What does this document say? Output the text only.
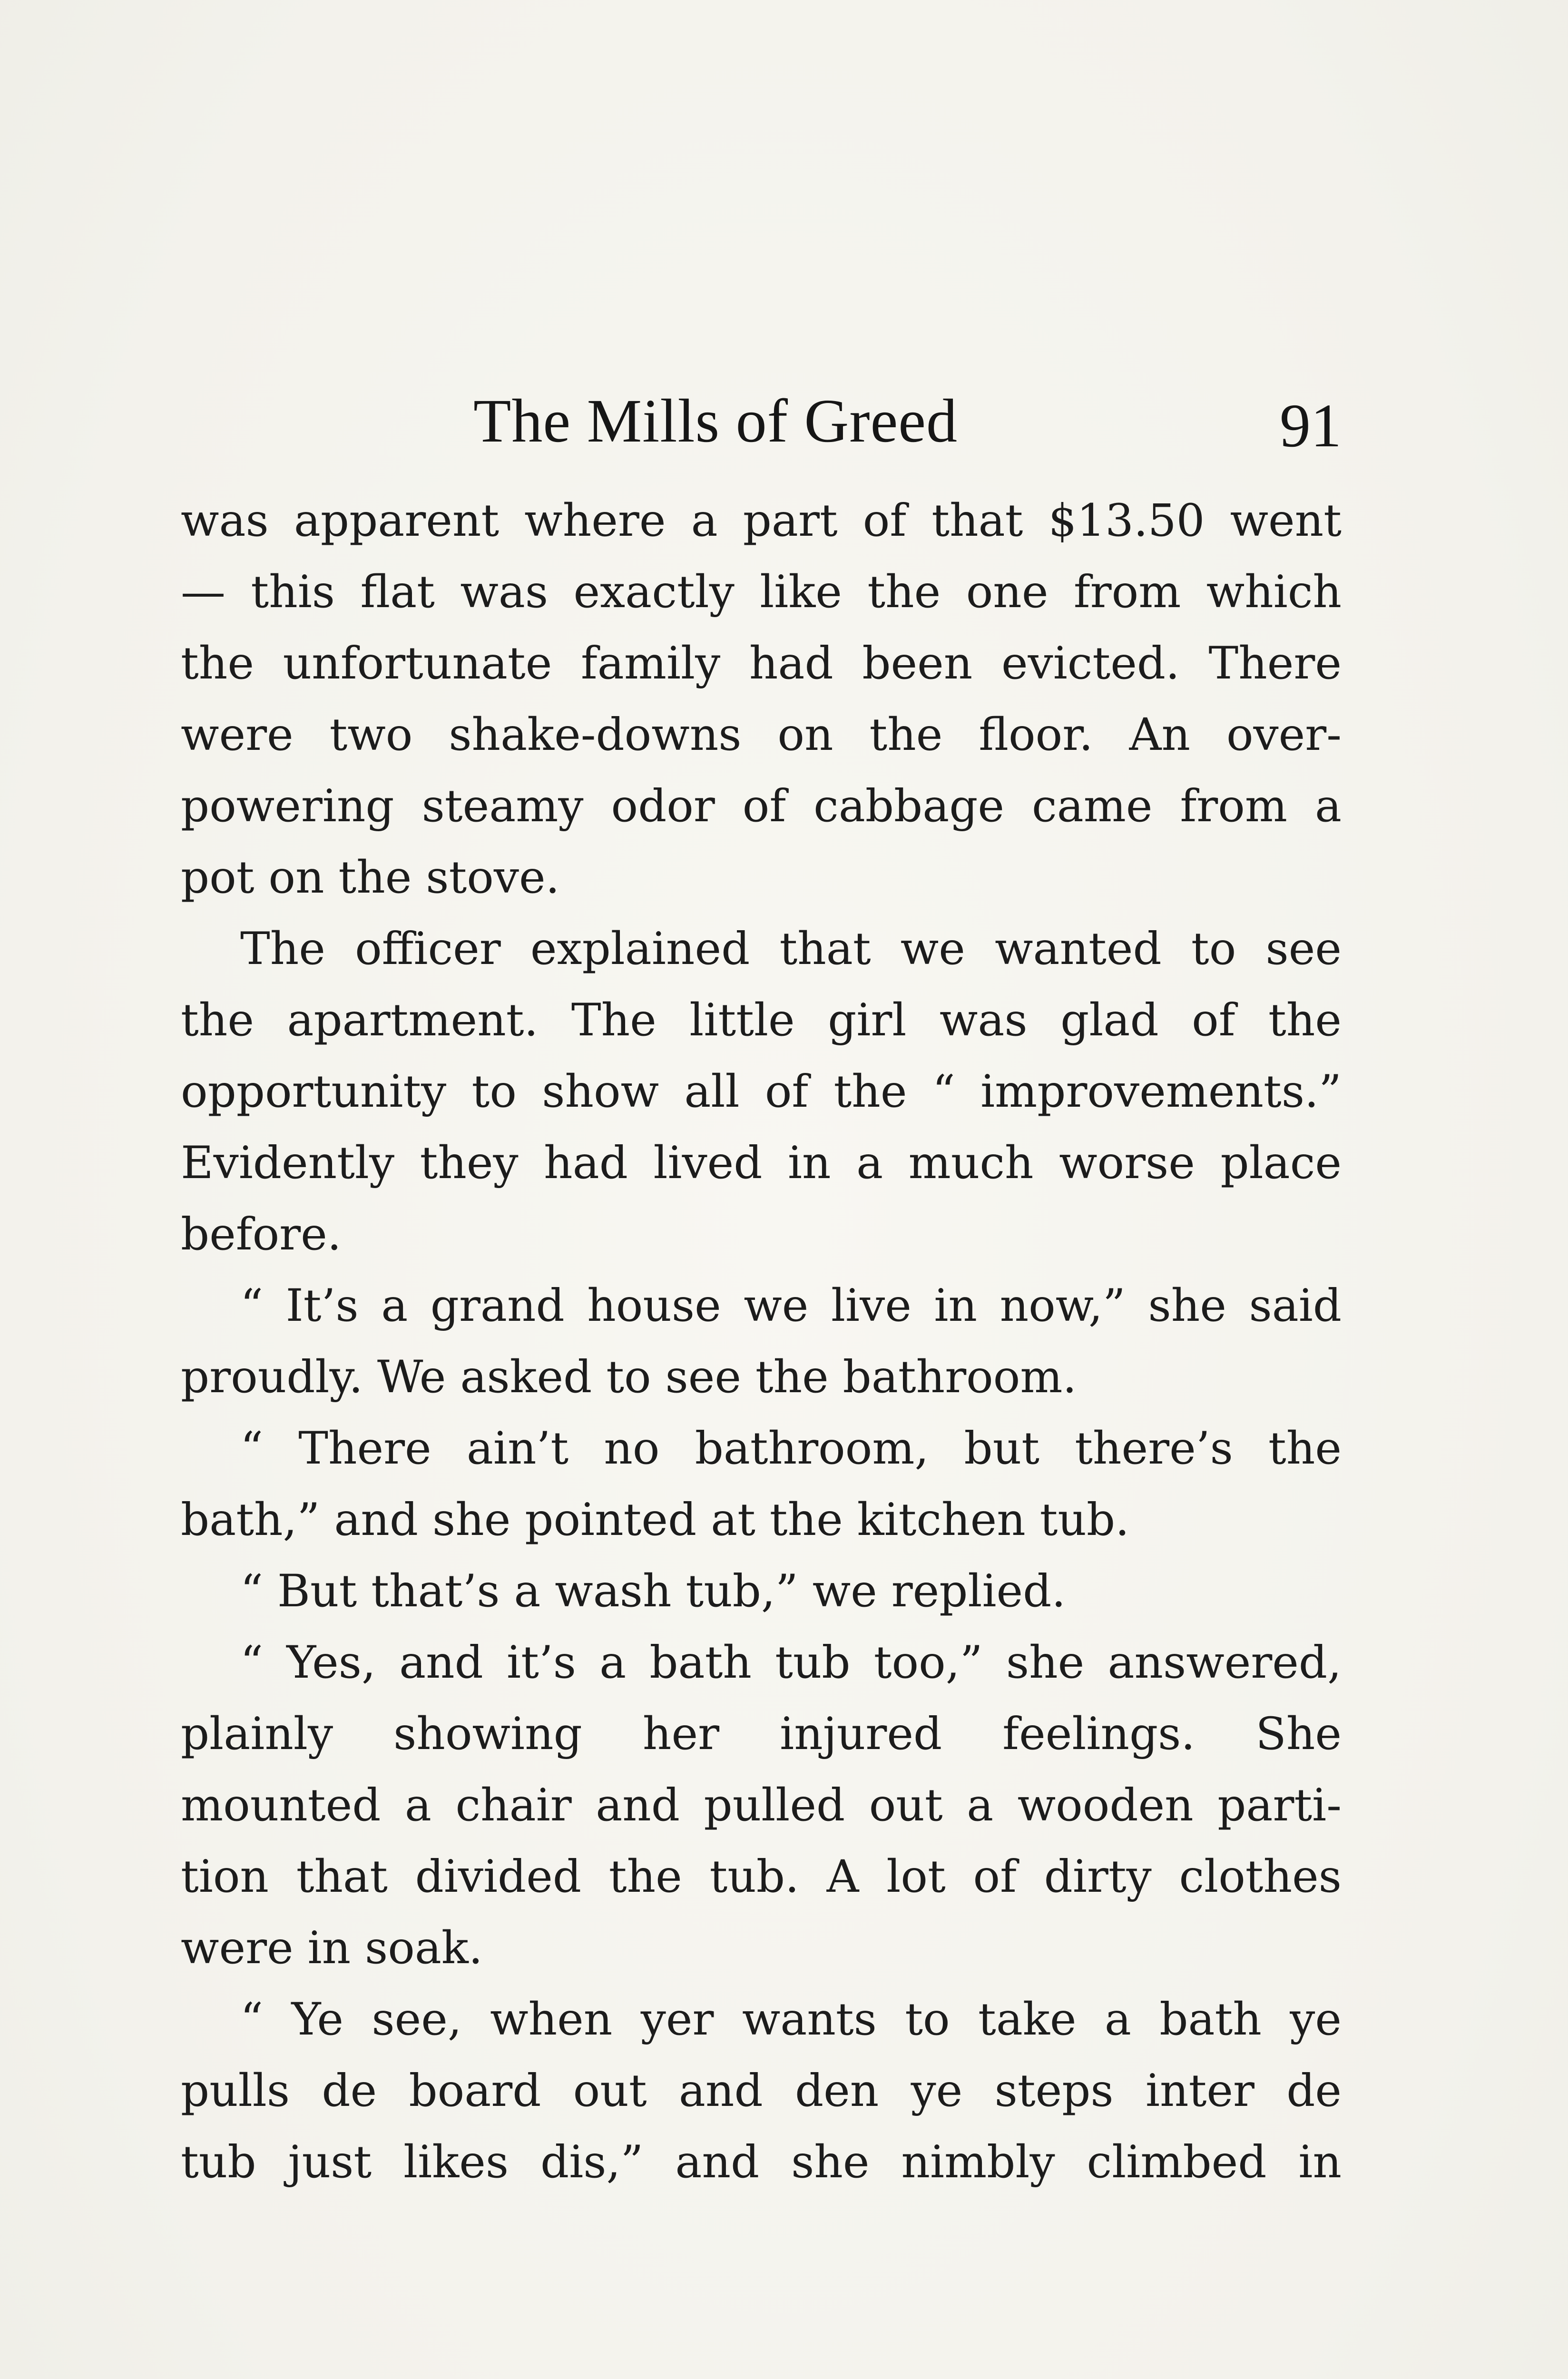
The Mills of Greed	91
was apparent where a part of that $13.50 went
— this flat was exactly like the one from which
the unfortunate family had been evicted. There
were two shake-downs on the floor. An over-
powering steamy odor of cabbage came from a
pot on the stove.
The officer explained that we wanted to see
the apartment. The little girl was glad of the
opportunity to show all of the “ improvements.”
Evidently they had lived in a much worse place
before.
“ It’s a grand house we live in now,” she said
proudly. We asked to see the bathroom.
“ There ain’t no bathroom, but there’s the
bath,” and she pointed at the kitchen tub.
“ But that’s a wash tub,” we replied.
“ Yes, and it’s a bath tub too,” she answered,
plainly showing her injured feelings. She
mounted a chair and pulled out a wooden parti-
tion that divided the tub. A lot of dirty clothes
were in soak.
“ Ye see, when yer wants to take a bath ye
pulls de board out and den ye steps inter de
tub just likes dis,” and she nimbly climbed in
